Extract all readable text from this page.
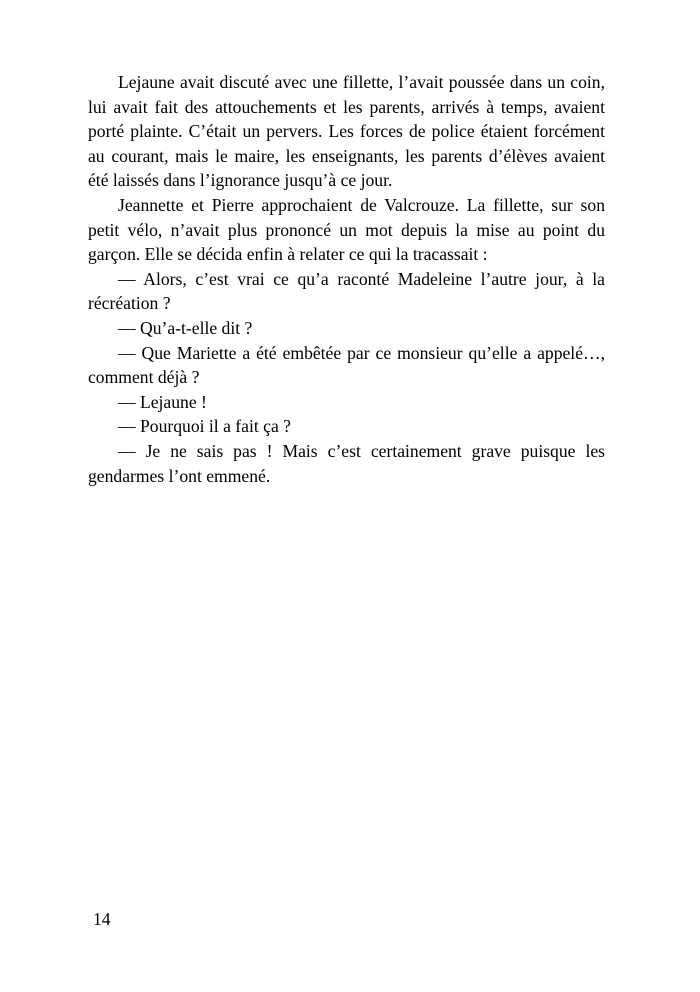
Lejaune avait discuté avec une fillette, l’avait poussée dans un coin,
lui avait fait des attouchements et les parents, arrivés à temps, avaient
porté plainte. C’était un pervers. Les forces de police étaient forcément
au courant, mais le maire, les enseignants, les parents d’élèves avaient
été laissés dans l’ignorance jusqu’à ce jour.
Jeannette et Pierre approchaient de Valcrouze. La fillette, sur son
petit vélo, n’avait plus prononcé un mot depuis la mise au point du
garçon. Elle se décida enfin à relater ce qui la tracassait :
— Alors, c’est vrai ce qu’a raconté Madeleine l’autre jour, à la
récréation ?
— Qu’a-t-elle dit ?
— Que Mariette a été embêtée par ce monsieur qu’elle a appelé…,
comment déjà ?
— Lejaune !
— Pourquoi il a fait ça ?
— Je ne sais pas ! Mais c’est certainement grave puisque les
gendarmes l’ont emmené.
14
